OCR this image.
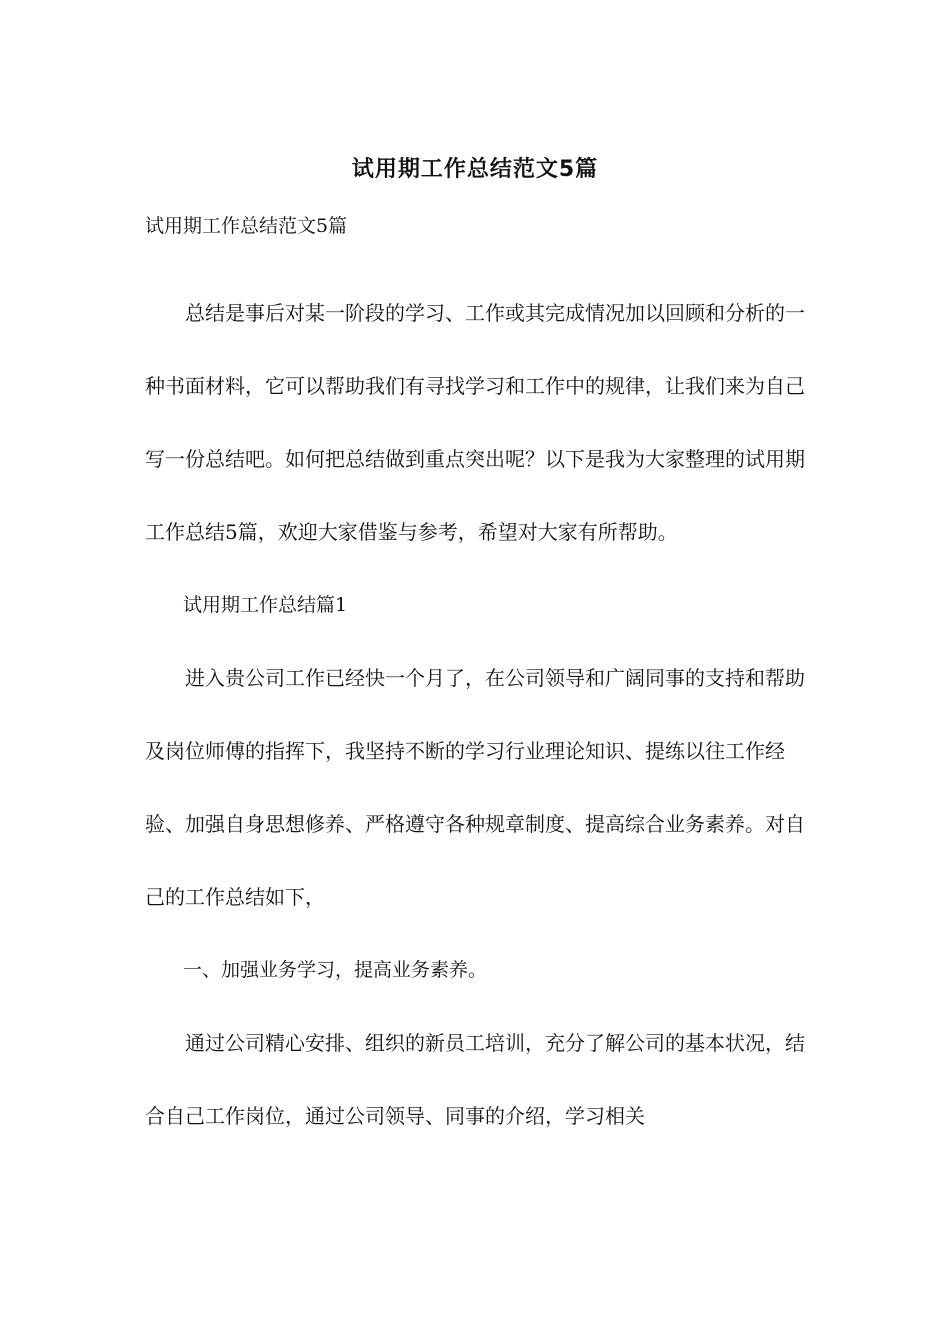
试用期工作总结范文5篇

试用期工作总结范文5篇

总结是事后对某一阶段的学习、工作或其完成情况加以回顾和分析的一种书面材料，它可以帮助我们有寻找学习和工作中的规律，让我们来为自己写一份总结吧。如何把总结做到重点突出呢？以下是我为大家整理的试用期工作总结5篇，欢迎大家借鉴与参考，希望对大家有所帮助。

试用期工作总结篇1

进入贵公司工作已经快一个月了，在公司领导和广阔同事的支持和帮助及岗位师傅的指挥下，我坚持不断的学习行业理论知识、提练以往工作经验、加强自身思想修养、严格遵守各种规章制度、提高综合业务素养。对自己的工作总结如下，

一、加强业务学习，提高业务素养。

通过公司精心安排、组织的新员工培训，充分了解公司的基本状况，结合自己工作岗位，通过公司领导、同事的介绍，学习相关
